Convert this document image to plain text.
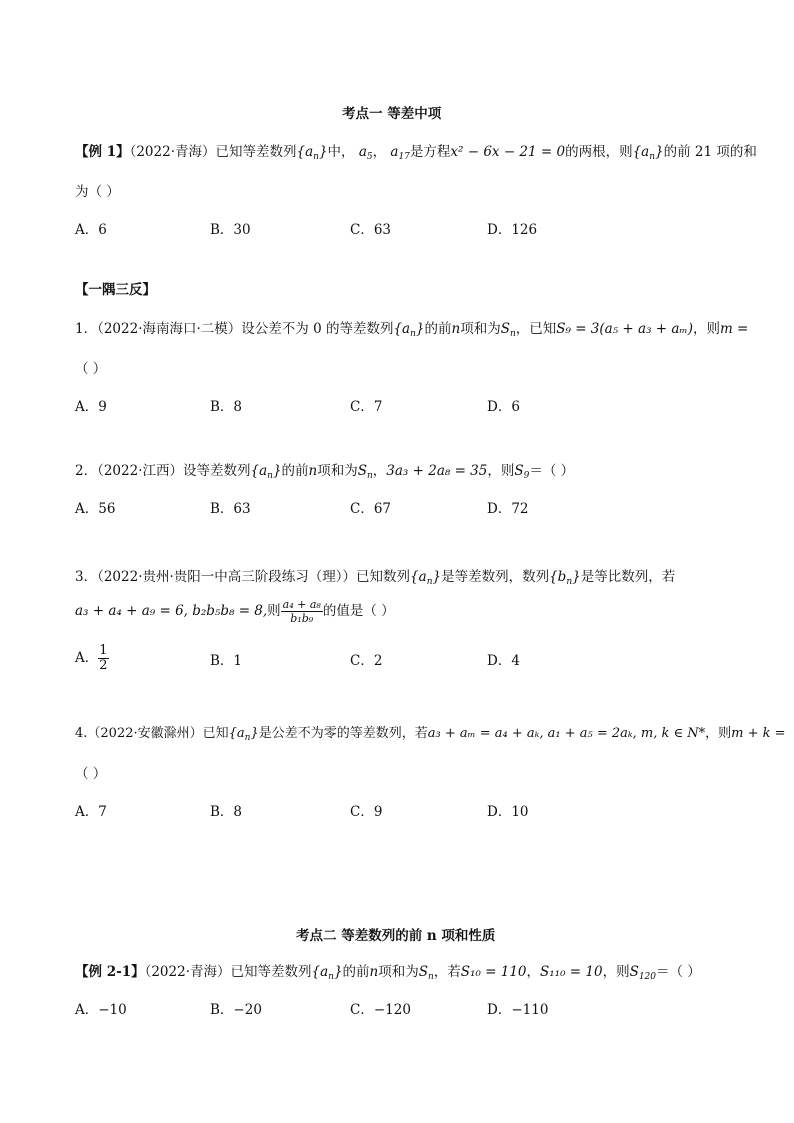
考点一 等差中项
【例 1】（2022·青海）已知等差数列$\{a_n\}$中， $a_5$， $a_{17}$是方程x² − 6x − 21 = 0的两根，则$\{a_n\}$的前 21 项的和
为（ ）
A．6	B．30	C．63	D．126
【一隅三反】
1．（2022·海南海口·二模）设公差不为 0 的等差数列$\{a_n\}$的前n项和为$S_n$，已知S₉ = 3(a₅ + a₃ + aₘ)，则m =
（ ）
A．9	B．8	C．7	D．6
2．（2022·江西）设等差数列$\{a_n\}$的前n项和为$S_n$，3a₃ + 2a₈ = 35，则$S_9=$（ ）
A．56	B．63	C．67	D．72
3．（2022·贵州·贵阳一中高三阶段练习（理））已知数列$\{a_n\}$是等差数列，数列$\{b_n\}$是等比数列，若
a₃ + a₄ + a₉ = 6, b₂b₅b₈ = 8,则 $\frac{\text{a₄ + a₈}}{\text{b₁b₉}}$ 的值是（ ）
A． $\frac{1}{2}$	B．1	C．2	D．4
4.（2022·安徽滁州）已知$\{a_n\}$是公差不为零的等差数列，若a₃ + aₘ = a₄ + aₖ, a₁ + a₅ = 2aₖ, m, k ∈ N*，则m + k =
（ ）
A．7	B．8	C．9	D．10
考点二 等差数列的前 n 项和性质
【例 2-1】（2022·青海）已知等差数列$\{a_n\}$的前n项和为$S_n$，若S₁₀ = 110，S₁₁₀ = 10，则$S_{120}=$（ ）
A．−10	B．−20	C．−120	D．−110
